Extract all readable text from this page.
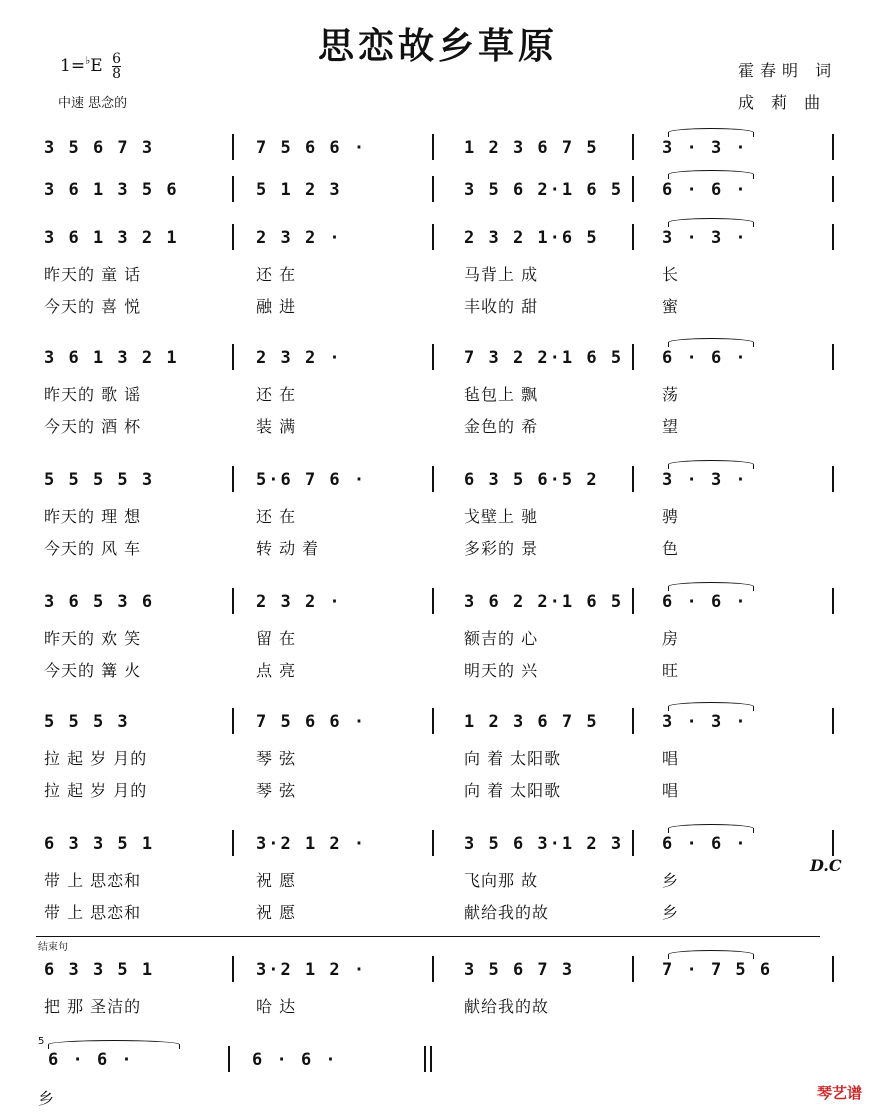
思恋故乡草原
$1=^♭E \frac{6}{8}$
中速 思念的
霍春明 词
成 莉 曲
3 5 6 7 3	7 5 6 6 ·	1 2 3 6 7 5	3 · 3 ·
3 6 1 3 5 6	5 1 2 3	3 5 6 2·1 6 5 6 · 6 ·
3 6 1 3 2 1	2 3 2 ·	2 3 2 1·6 5	3 · 3 ·
昨天的 童 话	还 在	马背上 成	长
今天的 喜 悦	融 进	丰收的 甜	蜜
3 6 1 3 2 1	2 3 2 ·	7 3 2 2·1 6 5 6 · 6 ·
昨天的 歌 谣	还 在	毡包上 飘	荡
今天的 酒 杯	装 满	金色的 希	望
5 5 5 5 3	5·6 7 6 ·	6 3 5 6·5 2	3 · 3 ·
昨天的 理 想	还 在	戈壁上 驰	骋
今天的 风 车	转 动 着	多彩的 景	色
3 6 5 3 6	2 3 2 ·	3 6 2 2·1 6 5 6 · 6 ·
昨天的 欢 笑	留 在	额吉的 心	房
今天的 篝 火	点 亮	明天的 兴	旺
5 5 5 3	7 5 6 6 ·	1 2 3 6 7 5	3 · 3 ·
拉 起 岁 月的	琴 弦	向 着 太阳歌	唱
拉 起 岁 月的	琴 弦	向 着 太阳歌	唱
6 3 3 5 1	3·2 1 2 ·	3 5 6 3·1 2 3 6 · 6 ·
带 上 思恋和	祝 愿	飞向那 故	乡
带 上 思恋和	祝 愿	献给我的故	乡
6 3 3 5 1	3·2 1 2 ·	3 5 6 7 3	7 · 7 5 6
把 那 圣洁的	哈 达	献给我的故
6 · 6 ·	6 · 6 ·
乡
结束句
5
D.C
琴艺谱
